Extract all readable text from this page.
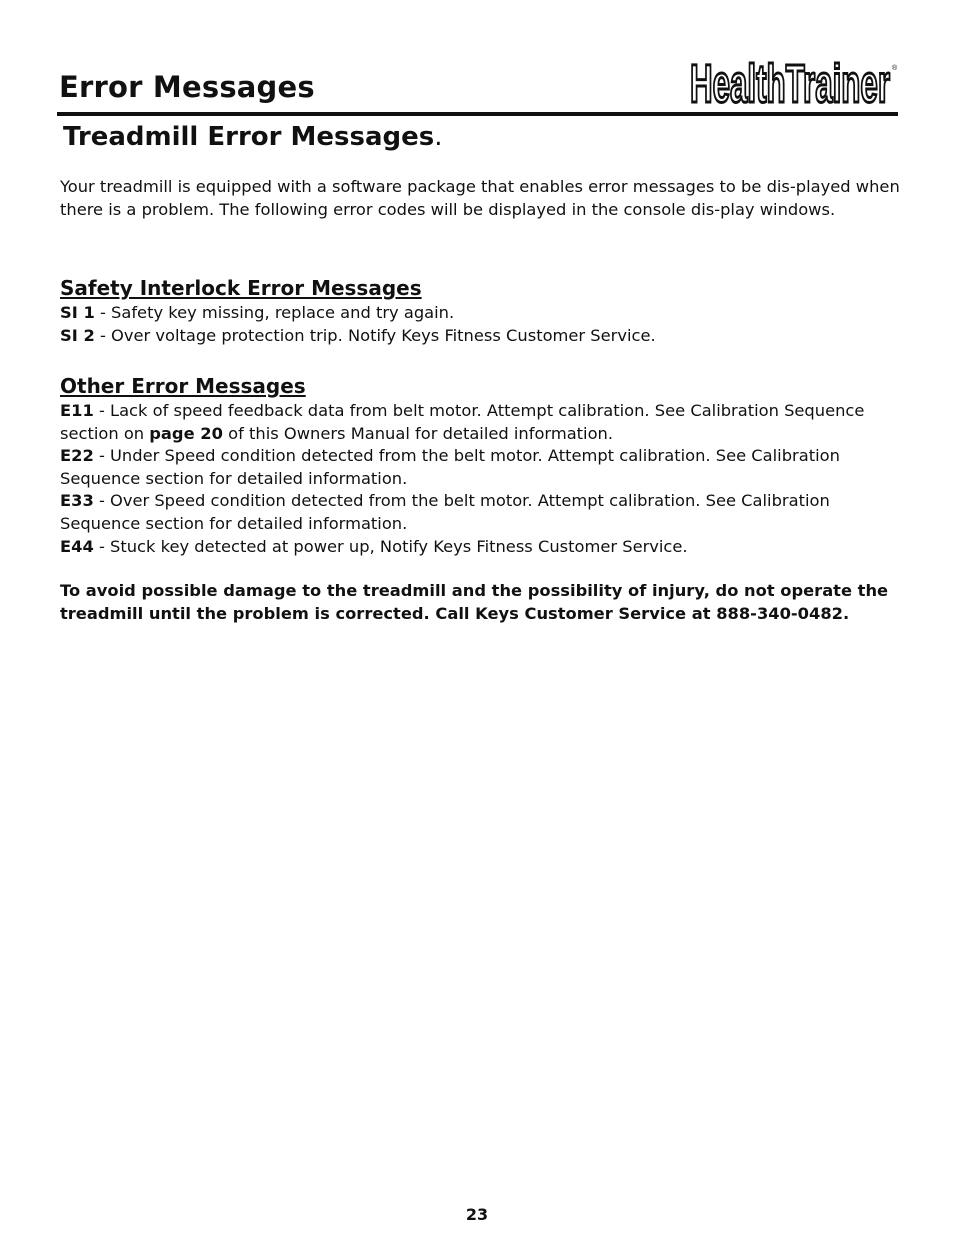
Error Messages	HealthTrainer ®
Treadmill Error Messages.
Your treadmill is equipped with a software package that enables error messages to be dis-played when there is a problem. The following error codes will be displayed in the console dis-play windows.
Safety Interlock Error Messages

SI 1 - Safety key missing, replace and try again.

SI 2 - Over voltage protection trip. Notify Keys Fitness Customer Service.

Other Error Messages

E11 - Lack of speed feedback data from belt motor. Attempt calibration. See Calibration Sequence section on page 20 of this Owners Manual for detailed information.

E22 - Under Speed condition detected from the belt motor. Attempt calibration. See Calibration Sequence section for detailed information.

E33 - Over Speed condition detected from the belt motor. Attempt calibration. See Calibration Sequence section for detailed information.

E44 - Stuck key detected at power up, Notify Keys Fitness Customer Service.

To avoid possible damage to the treadmill and the possibility of injury, do not operate the treadmill until the problem is corrected. Call Keys Customer Service at 888-340-0482.
23
